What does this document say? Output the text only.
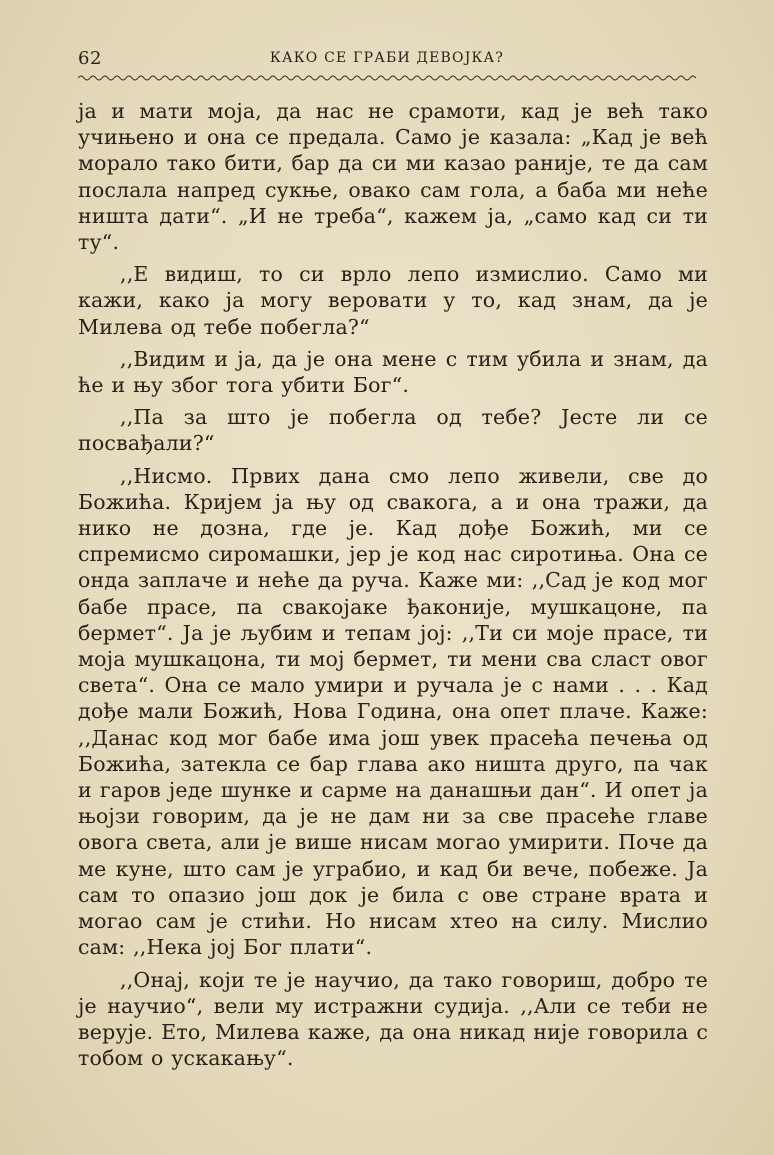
62	КАКО СЕ ГРАБИ ДЕВОЈКА?

ја и мати моја, да нас не срамоти, кад је већ тако учињено и она се предала. Само је казала: „Кад је већ морало тако бити, бар да си ми казао раније, те да сам послала напред сукње, овако сам гола, а баба ми неће ништа дати“. „И не треба“, кажем ја, „само кад си ти ту“.

,,Е видиш, то си врло лепо измислио. Само ми кажи, како ја могу веровати у то, кад знам, да је Милева од тебе побегла?“

,,Видим и ја, да је она мене с тим убила и знам, да ће и њу због тога убити Бог“.

,,Па за што је побегла од тебе? Јесте ли се посвађали?“

,,Нисмо. Првих дана смо лепо живели, све до Божића. Кријем ја њу од свакога, а и она тражи, да нико не дозна, где је. Кад дође Божић, ми се спремисмо сиромашки, јер је код нас сиротиња. Она се онда заплаче и неће да руча. Каже ми: ,,Сад је код мог бабе прасе, па свакојаке ђаконије, мушкацоне, па бермет“. Ја је љубим и тепам јој: ,,Ти си моје прасе, ти моја мушкацона, ти мој бермет, ти мени сва сласт овог света“. Она се мало умири и ручала је с нами . . . Кад дође мали Божић, Нова Година, она опет плаче. Каже: ,,Данас код мог бабе има још увек прасећа печења од Божића, затекла се бар глава ако ништа друго, па чак и гаров једе шунке и сарме на данашњи дан“. И опет ја њојзи говорим, да је не дам ни за све прасеће главе овога света, али је више нисам могао умирити. Поче да ме куне, што сам је уграбио, и кад би вече, побеже. Ја сам то опазио још док је била с ове стране врата и могао сам је стићи. Но нисам хтео на силу. Мислио сам: ,,Нека јој Бог плати“.

,,Онај, који те је научио, да тако говориш, добро те је научио“, вели му истражни судија. ,,Али се теби не верује. Ето, Милева каже, да она никад није говорила с тобом о ускакању“.
